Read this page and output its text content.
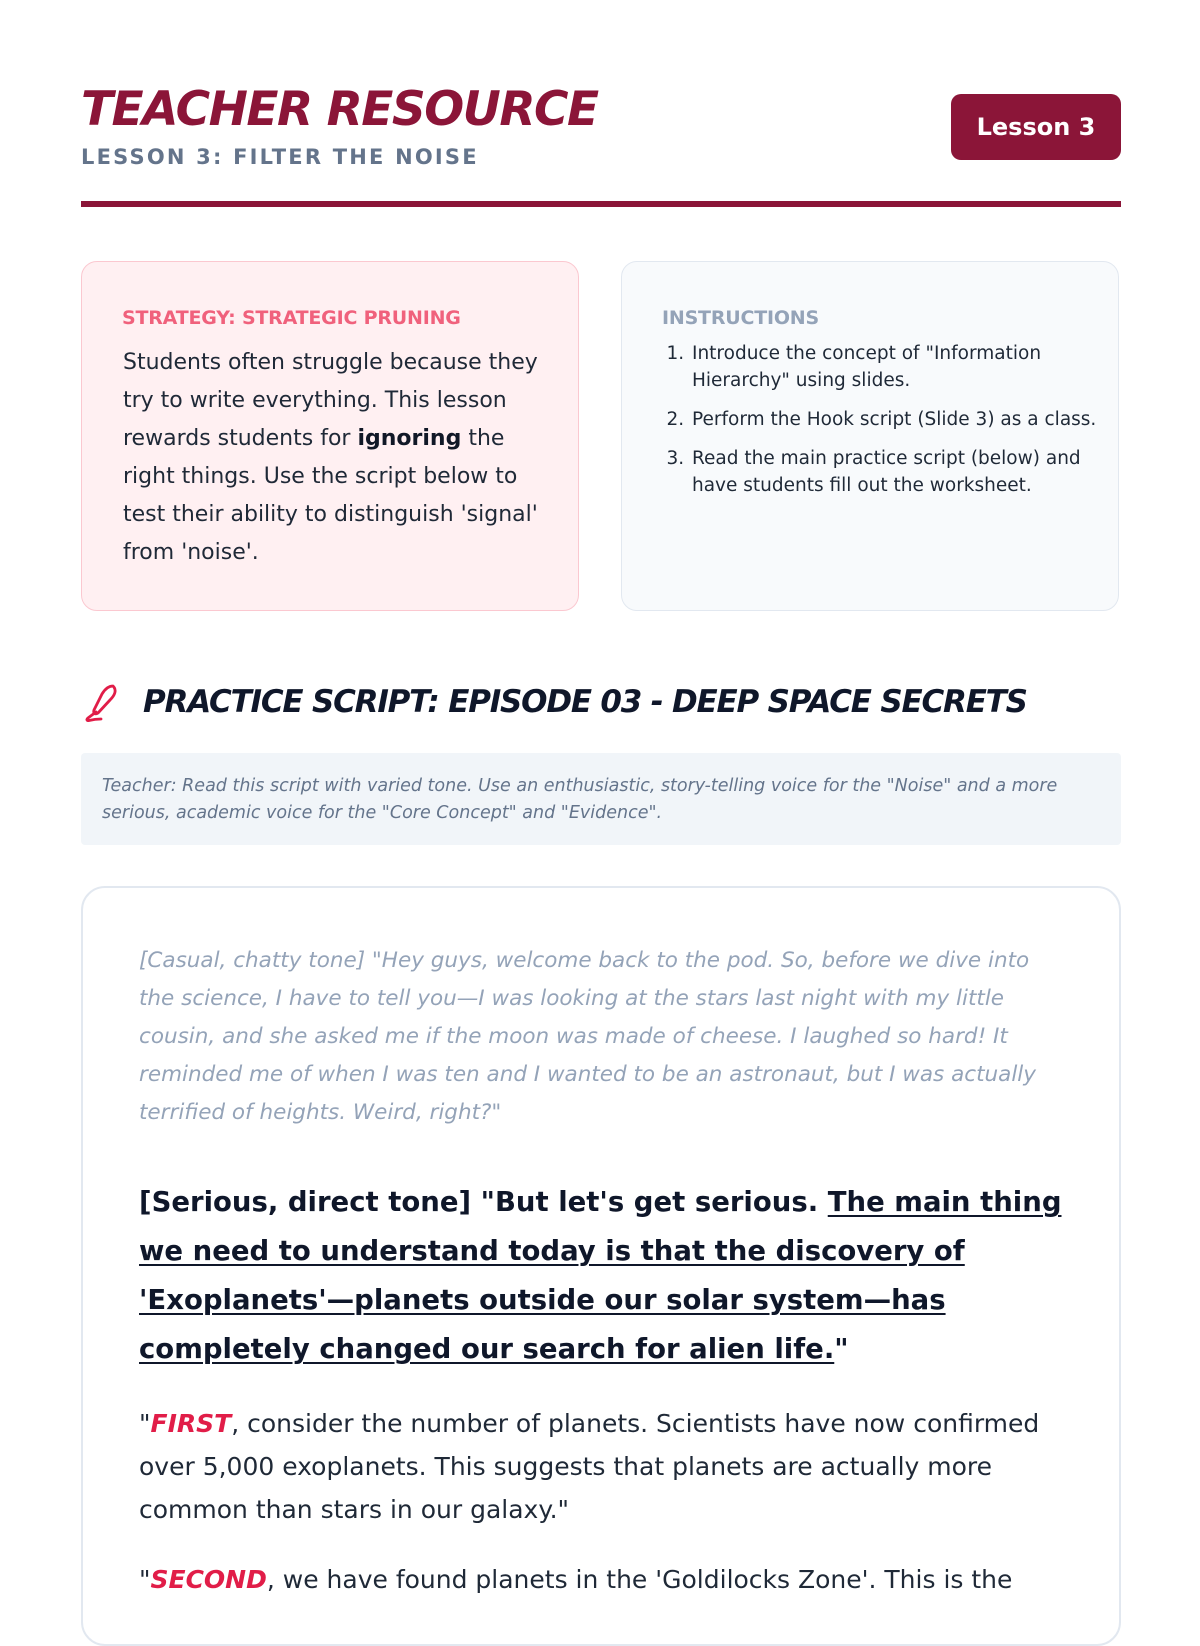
TEACHER RESOURCE
LESSON 3: FILTER THE NOISE
Lesson 3
STRATEGY: STRATEGIC PRUNING
Students often struggle because they try to write everything. This lesson rewards students for ignoring the right things. Use the script below to test their ability to distinguish 'signal' from 'noise'.
INSTRUCTIONS
1. Introduce the concept of "Information Hierarchy" using slides.
2. Perform the Hook script (Slide 3) as a class.
3. Read the main practice script (below) and have students fill out the worksheet.
PRACTICE SCRIPT: EPISODE 03 - DEEP SPACE SECRETS
Teacher: Read this script with varied tone. Use an enthusiastic, story-telling voice for the "Noise" and a more serious, academic voice for the "Core Concept" and "Evidence".
[Casual, chatty tone] "Hey guys, welcome back to the pod. So, before we dive into the science, I have to tell you—I was looking at the stars last night with my little cousin, and she asked me if the moon was made of cheese. I laughed so hard! It reminded me of when I was ten and I wanted to be an astronaut, but I was actually terrified of heights. Weird, right?"
[Serious, direct tone] "But let's get serious. The main thing we need to understand today is that the discovery of 'Exoplanets'—planets outside our solar system—has completely changed our search for alien life."
"FIRST, consider the number of planets. Scientists have now confirmed over 5,000 exoplanets. This suggests that planets are actually more common than stars in our galaxy."
"SECOND, we have found planets in the 'Goldilocks Zone'. This is the
